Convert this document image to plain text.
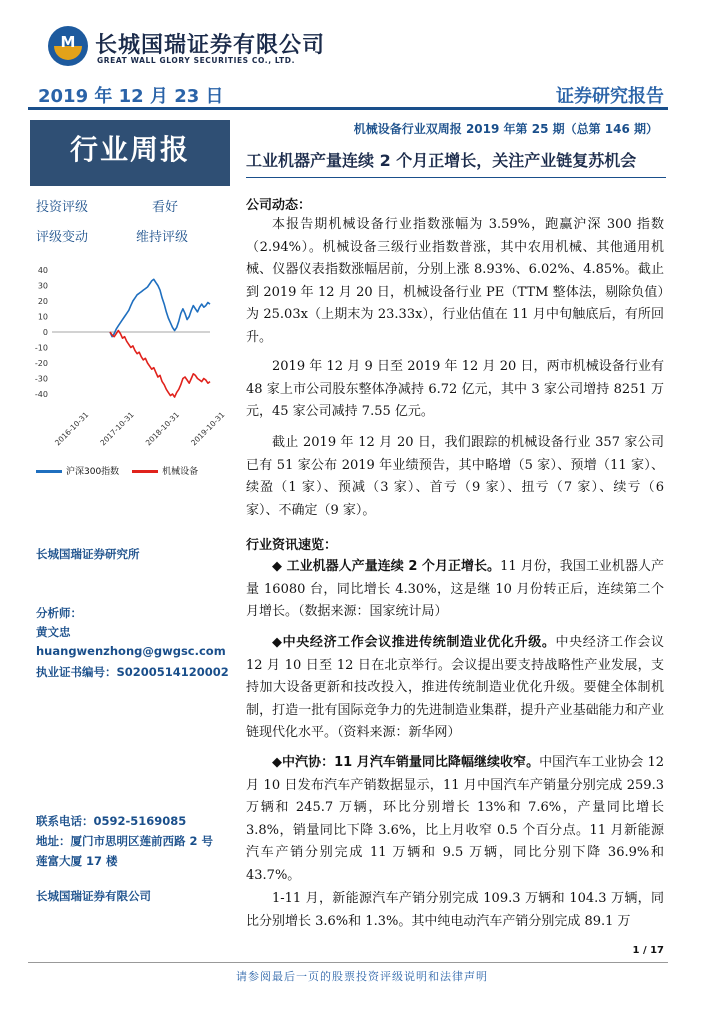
M 长城国瑞证券有限公司
GREAT WALL GLORY SECURITIES CO., LTD.
2019 年 12 月 23 日	证券研究报告
行业周报
机械设备行业双周报 2019 年第 25 期（总第 146 期）
工业机器产量连续 2 个月正增长，关注产业链复苏机会
投资评级	看好
评级变动	维持评级
40
30
20
10
0
-10
-20
-30
-40
2016-10-31 2017-10-31 2018-10-31 2019-10-31
沪深300指数	机械设备
长城国瑞证券研究所
分析师：
黄文忠
huangwenzhong@gwgsc.com
执业证书编号：S0200514120002
联系电话：0592-5169085
地址：厦门市思明区莲前西路 2 号
莲富大厦 17 楼
长城国瑞证券有限公司
公司动态：
本报告期机械设备行业指数涨幅为 3.59%，跑赢沪深 300 指数（2.94%）。机械设备三级行业指数普涨，其中农用机械、其他通用机械、仪器仪表指数涨幅居前，分别上涨 8.93%、6.02%、4.85%。截止到 2019 年 12 月 20 日，机械设备行业 PE（TTM 整体法，剔除负值）为 25.03x（上期末为 23.33x），行业估值在 11 月中旬触底后，有所回升。
2019 年 12 月 9 日至 2019 年 12 月 20 日，两市机械设备行业有 48 家上市公司股东整体净减持 6.72 亿元，其中 3 家公司增持 8251 万元，45 家公司减持 7.55 亿元。
截止 2019 年 12 月 20 日，我们跟踪的机械设备行业 357 家公司已有 51 家公布 2019 年业绩预告，其中略增（5 家）、预增（11 家）、续盈（1 家）、预减（3 家）、首亏（9 家）、扭亏（7 家）、续亏（6 家）、不确定（9 家）。
行业资讯速览：
◆ 工业机器人产量连续 2 个月正增长。11 月份，我国工业机器人产量 16080 台，同比增长 4.30%，这是继 10 月份转正后，连续第二个月增长。（数据来源：国家统计局）
◆中央经济工作会议推进传统制造业优化升级。中央经济工作会议 12 月 10 日至 12 日在北京举行。会议提出要支持战略性产业发展，支持加大设备更新和技改投入，推进传统制造业优化升级。要健全体制机制，打造一批有国际竞争力的先进制造业集群，提升产业基础能力和产业链现代化水平。（资料来源：新华网）
◆中汽协：11 月汽车销量同比降幅继续收窄。中国汽车工业协会 12 月 10 日发布汽车产销数据显示，11 月中国汽车产销量分别完成 259.3 万辆和 245.7 万辆，环比分别增长 13%和 7.6%，产量同比增长 3.8%，销量同比下降 3.6%，比上月收窄 0.5 个百分点。11 月新能源汽车产销分别完成 11 万辆和 9.5 万辆，同比分别下降 36.9%和 43.7%。
1-11 月，新能源汽车产销分别完成 109.3 万辆和 104.3 万辆，同比分别增长 3.6%和 1.3%。其中纯电动汽车产销分别完成 89.1 万
1 / 17
请参阅最后一页的股票投资评级说明和法律声明
